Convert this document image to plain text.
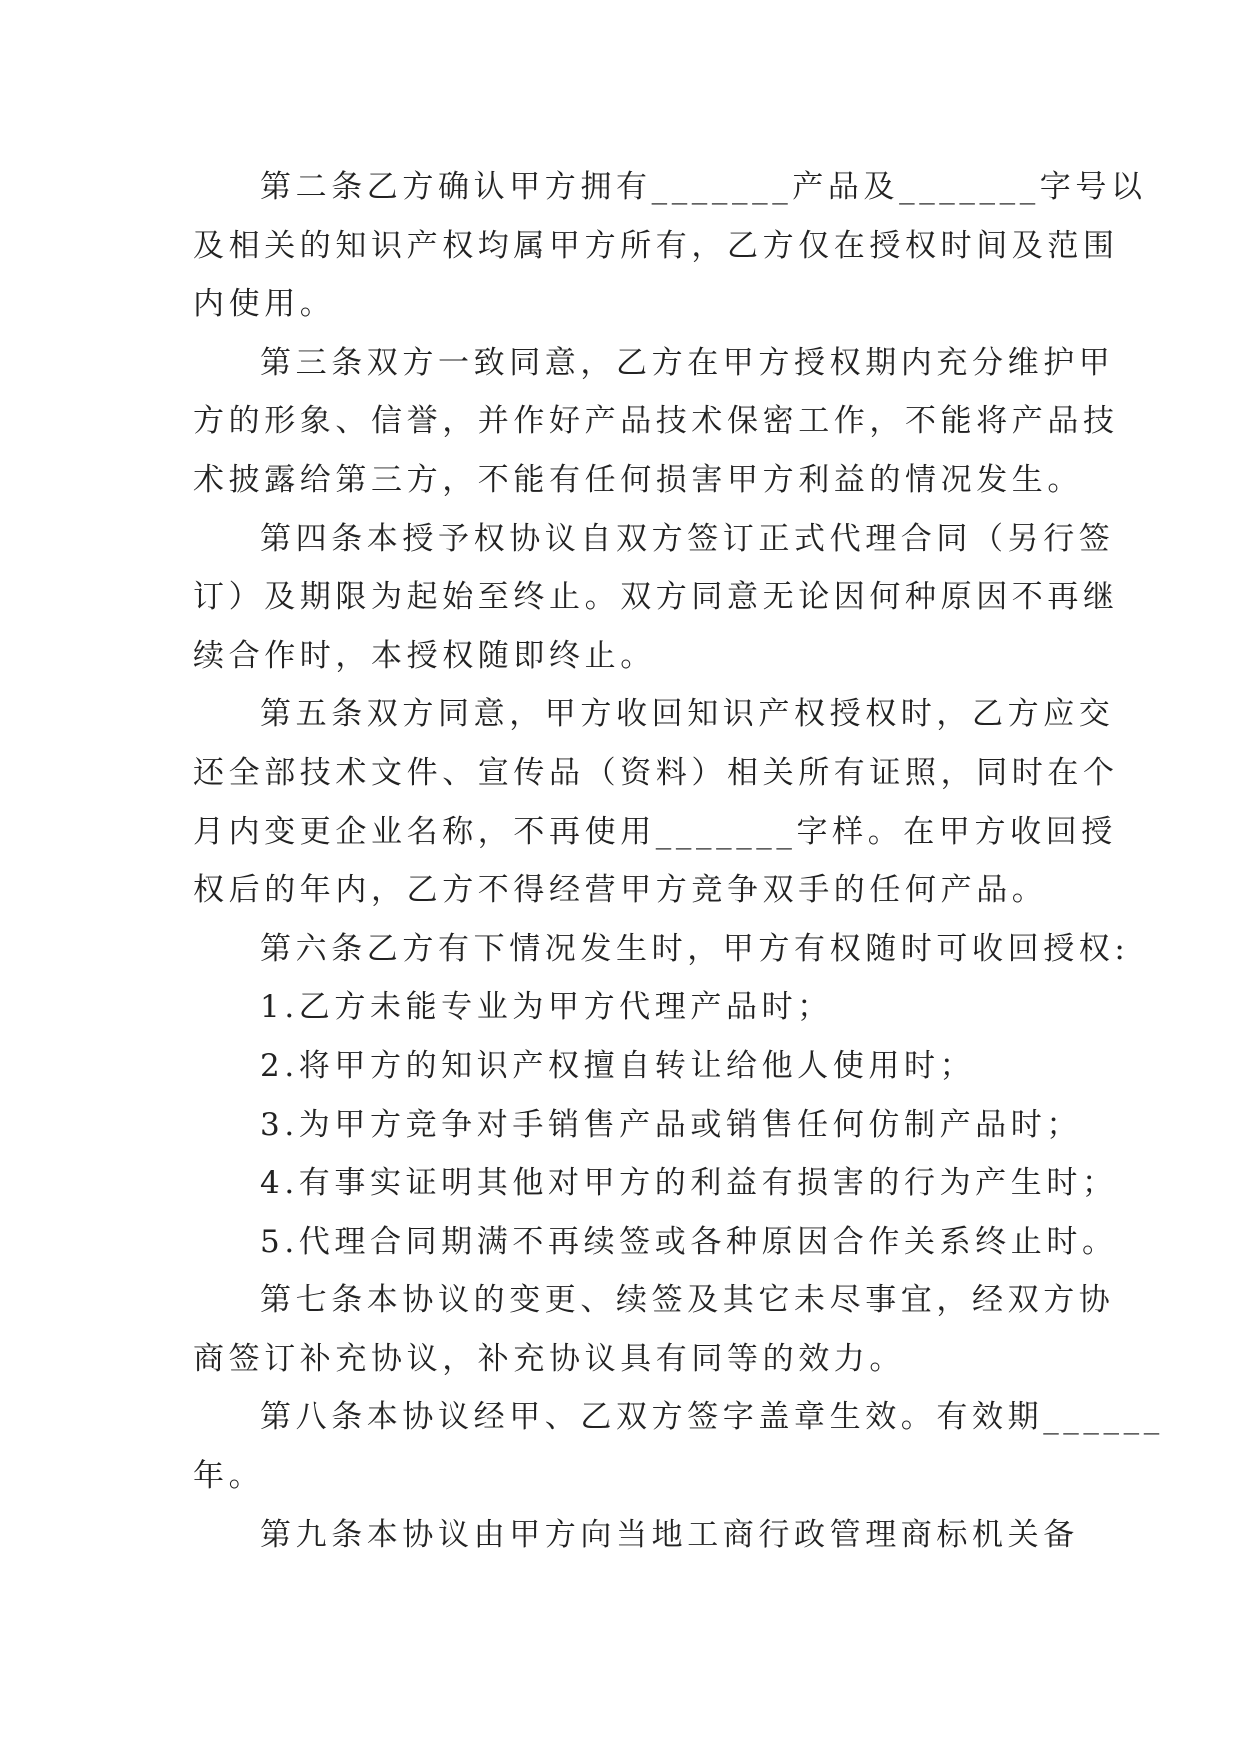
第二条乙方确认甲方拥有_______产品及_______字号以
及相关的知识产权均属甲方所有，乙方仅在授权时间及范围
内使用。
第三条双方一致同意，乙方在甲方授权期内充分维护甲
方的形象、信誉，并作好产品技术保密工作，不能将产品技
术披露给第三方，不能有任何损害甲方利益的情况发生。
第四条本授予权协议自双方签订正式代理合同（另行签
订）及期限为起始至终止。双方同意无论因何种原因不再继
续合作时，本授权随即终止。
第五条双方同意，甲方收回知识产权授权时，乙方应交
还全部技术文件、宣传品（资料）相关所有证照，同时在个
月内变更企业名称，不再使用_______字样。在甲方收回授
权后的年内，乙方不得经营甲方竞争双手的任何产品。
第六条乙方有下情况发生时，甲方有权随时可收回授权:
1.乙方未能专业为甲方代理产品时；
2.将甲方的知识产权擅自转让给他人使用时；
3.为甲方竞争对手销售产品或销售任何仿制产品时；
4.有事实证明其他对甲方的利益有损害的行为产生时；
5.代理合同期满不再续签或各种原因合作关系终止时。
第七条本协议的变更、续签及其它未尽事宜，经双方协
商签订补充协议，补充协议具有同等的效力。
第八条本协议经甲、乙双方签字盖章生效。有效期______
年。
第九条本协议由甲方向当地工商行政管理商标机关备
